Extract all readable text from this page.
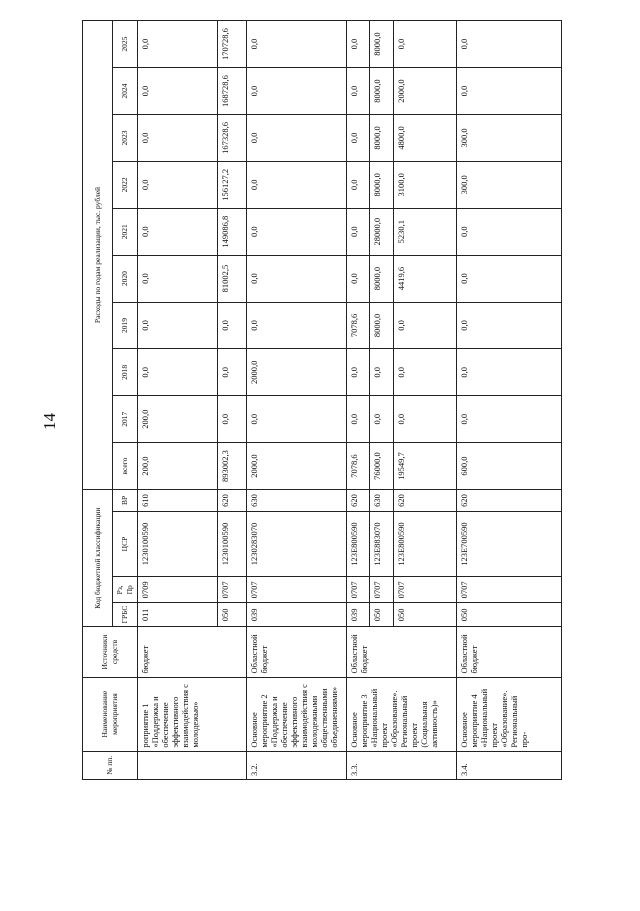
14
№ пп.	Наименование мероприятия	Источники средств	Код бюджетной классификации				Расходы по годам реализации, тыс. рублей									
			ГРБС	Рз, Пр	ЦСР	ВР	всего	2017	2018	2019	2020	2021	2022	2023	2024	2025
	роприятие 1 «Поддержка и обеспечение эффективного взаимодействия с молодежью»	бюджет	011	0709	1230100590	610	200,0	200,0	0,0	0,0	0,0	0,0	0,0	0,0	0,0	0,0
			050	0707	1230100590	620	893002,3	0,0	0,0	0,0	81002,5	149086,8	156127,2	167328,6	168728,6	170728,6
3.2.	Основное мероприятие 2 «Поддержка и обеспечение эффективного взаимодействия с молодежными общественными объединениями»	Областной бюджет	039	0707	1230283070	630	2000,0	0,0	2000,0	0,0	0,0	0,0	0,0	0,0	0,0	0,0
3.3.	Основное мероприятие 3 «Национальный проект «Образование». Региональный проект (Социальная активность)»	Областной бюджет	039	0707	123Е800590	620	7078,6	0,0	0,0	7078,6	0,0	0,0	0,0	0,0	0,0	0,0
			050	0707	123Е883070	630	76000,0	0,0	0,0	8000,0	8000,0	28000,0	8000,0	8000,0	8000,0	8000,0
			050	0707	123Е800590	620	19549,7	0,0	0,0	0,0	4419,6	5230,1	3100,0	4800,0	2000,0	0,0
3.4.	Основное мероприятие 4 «Национальный проект «Образование». Региональный про-	Областной бюджет	050	0707	123Е700590	620	600,0	0,0	0,0	0,0	0,0	0,0	300,0	300,0	0,0	0,0
